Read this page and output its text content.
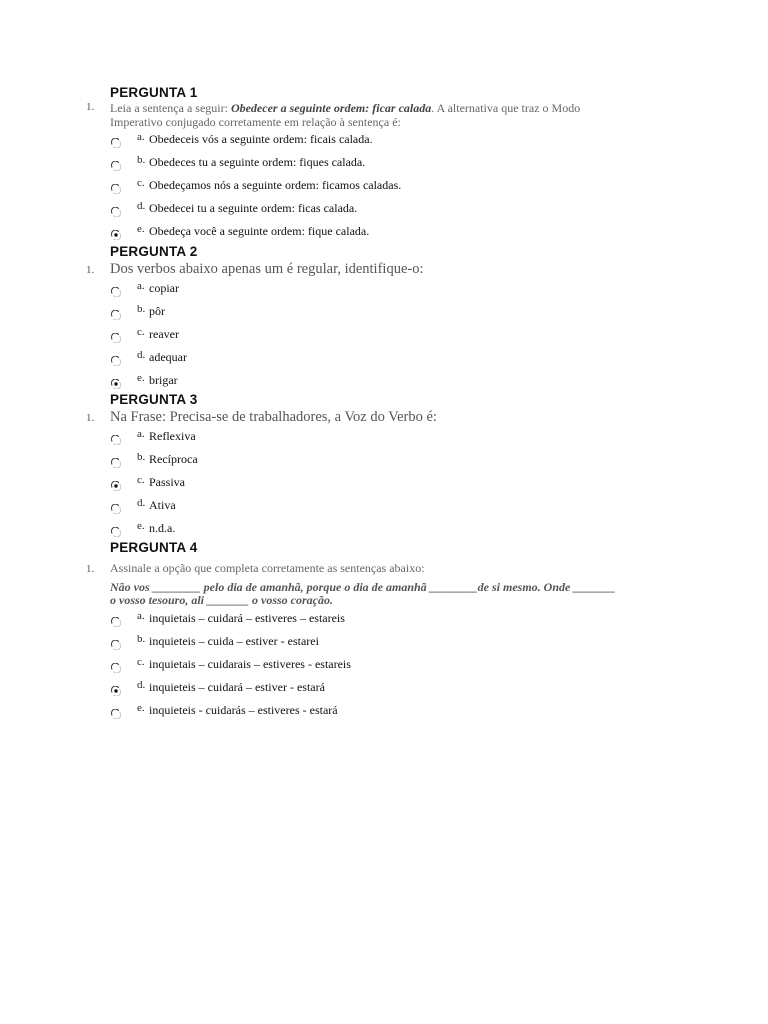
PERGUNTA 1
1. Leia a sentença a seguir: Obedecer a seguinte ordem: ficar calada. A alternativa que traz o Modo
Imperativo conjugado corretamente em relação à sentença é:
a. Obedeceis vós a seguinte ordem: ficais calada.
b. Obedeces tu a seguinte ordem: fiques calada.
c. Obedeçamos nós a seguinte ordem: ficamos caladas.
d. Obedecei tu a seguinte ordem: ficas calada.
e. Obedeça você a seguinte ordem: fique calada.
PERGUNTA 2
1. Dos verbos abaixo apenas um é regular, identifique-o:
a. copiar
b. pôr
c. reaver
d. adequar
e. brigar
PERGUNTA 3
1. Na Frase: Precisa-se de trabalhadores, a Voz do Verbo é:
a. Reflexiva
b. Recíproca
c. Passiva
d. Ativa
e. n.d.a.
PERGUNTA 4
1. Assinale a opção que completa corretamente as sentenças abaixo:
Não vos ________ pelo dia de amanhã, porque o dia de amanhã ________de si mesmo. Onde _______
o vosso tesouro, ali _______ o vosso coração.
a. inquietais – cuidará – estiveres – estareis
b. inquieteis – cuida – estiver - estarei
c. inquietais – cuidarais – estiveres - estareis
d. inquieteis – cuidará – estiver - estará
e. inquieteis - cuidarás – estiveres - estará
